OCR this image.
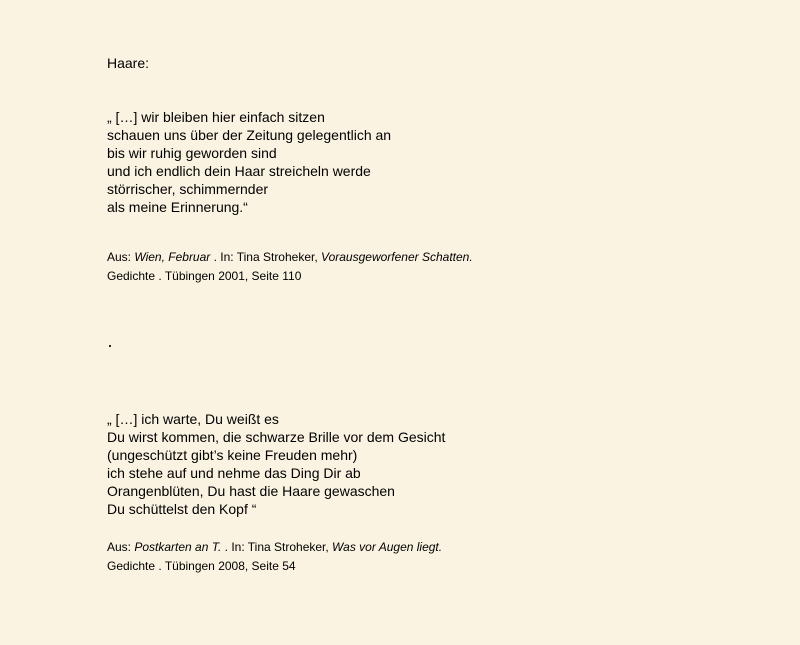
Haare:
„ […] wir bleiben hier einfach sitzen
schauen uns über der Zeitung gelegentlich an
bis wir ruhig geworden sind
und ich endlich dein Haar streicheln werde
störrischer, schimmernder
als meine Erinnerung.“
Aus: Wien, Februar . In: Tina Stroheker, Vorausgeworfener Schatten.
Gedichte . Tübingen 2001, Seite 110
·
„ […] ich warte, Du weißt es
Du wirst kommen, die schwarze Brille vor dem Gesicht
(ungeschützt gibt’s keine Freuden mehr)
ich stehe auf und nehme das Ding Dir ab
Orangenblüten, Du hast die Haare gewaschen
Du schüttelst den Kopf “
Aus: Postkarten an T. . In: Tina Stroheker, Was vor Augen liegt.
Gedichte . Tübingen 2008, Seite 54
